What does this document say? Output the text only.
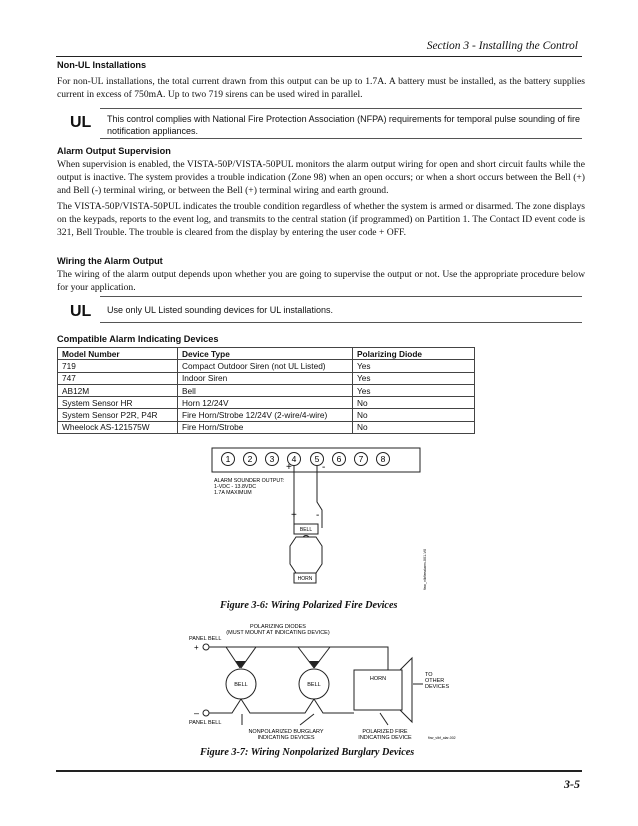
Section 3 - Installing the Control
Non-UL Installations
For non-UL installations, the total current drawn from this output can be up to 1.7A. A battery must be installed, as the battery supplies current in excess of 750mA. Up to two 719 sirens can be used wired in parallel.
UL This control complies with National Fire Protection Association (NFPA) requirements for temporal pulse sounding of fire notification appliances.
Alarm Output Supervision
When supervision is enabled, the VISTA-50P/VISTA-50PUL monitors the alarm output wiring for open and short circuit faults while the output is inactive. The system provides a trouble indication (Zone 98) when an open occurs; or when a short occurs between the Bell (+) and Bell (-) terminal wiring, or between the Bell (+) terminal wiring and earth ground.
The VISTA-50P/VISTA-50PUL indicates the trouble condition regardless of whether the system is armed or disarmed. The zone displays on the keypads, reports to the event log, and transmits to the central station (if programmed) on Partition 1. The Contact ID event code is 321, Bell Trouble. The trouble is cleared from the display by entering the user code + OFF.
Wiring the Alarm Output
The wiring of the alarm output depends upon whether you are going to supervise the output or not. Use the appropriate procedure below for your application.
UL Use only UL Listed sounding devices for UL installations.
Compatible Alarm Indicating Devices
Model Number	Device Type	Polarizing Diode
719	Compact Outdoor Siren (not UL Listed)	Yes
747	Indoor Siren	Yes
AB12M	Bell	Yes
System Sensor HR	Horn 12/24V	No
System Sensor P2R, P4R	Fire Horn/Strobe 12/24V (2-wire/4-wire)	No
Wheelock AS-121575W	Fire Horn/Strobe	No
1 2 3 4 5 6 7 8
+	-
ALARM SOUNDER OUTPUT:
1-VDC - 13.8VDC
1.7A MAXIMUM
+ -
BELL
HORN	firw_vlbfirealarm-001-V0
Figure 3-6: Wiring Polarized Fire Devices
POLARIZING DIODES
(MUST MOUNT AT INDICATING DEVICE)
PANEL BELL
+
BELL	BELL
HORN
TO
OTHER
DEVICES
–
PANEL BELL
NONPOLARIZED BURGLARY
INDICATING DEVICES
POLARIZED FIRE
INDICATING DEVICE	firw_vlbf_alar-002
Figure 3-7: Wiring Nonpolarized Burglary Devices
3-5
